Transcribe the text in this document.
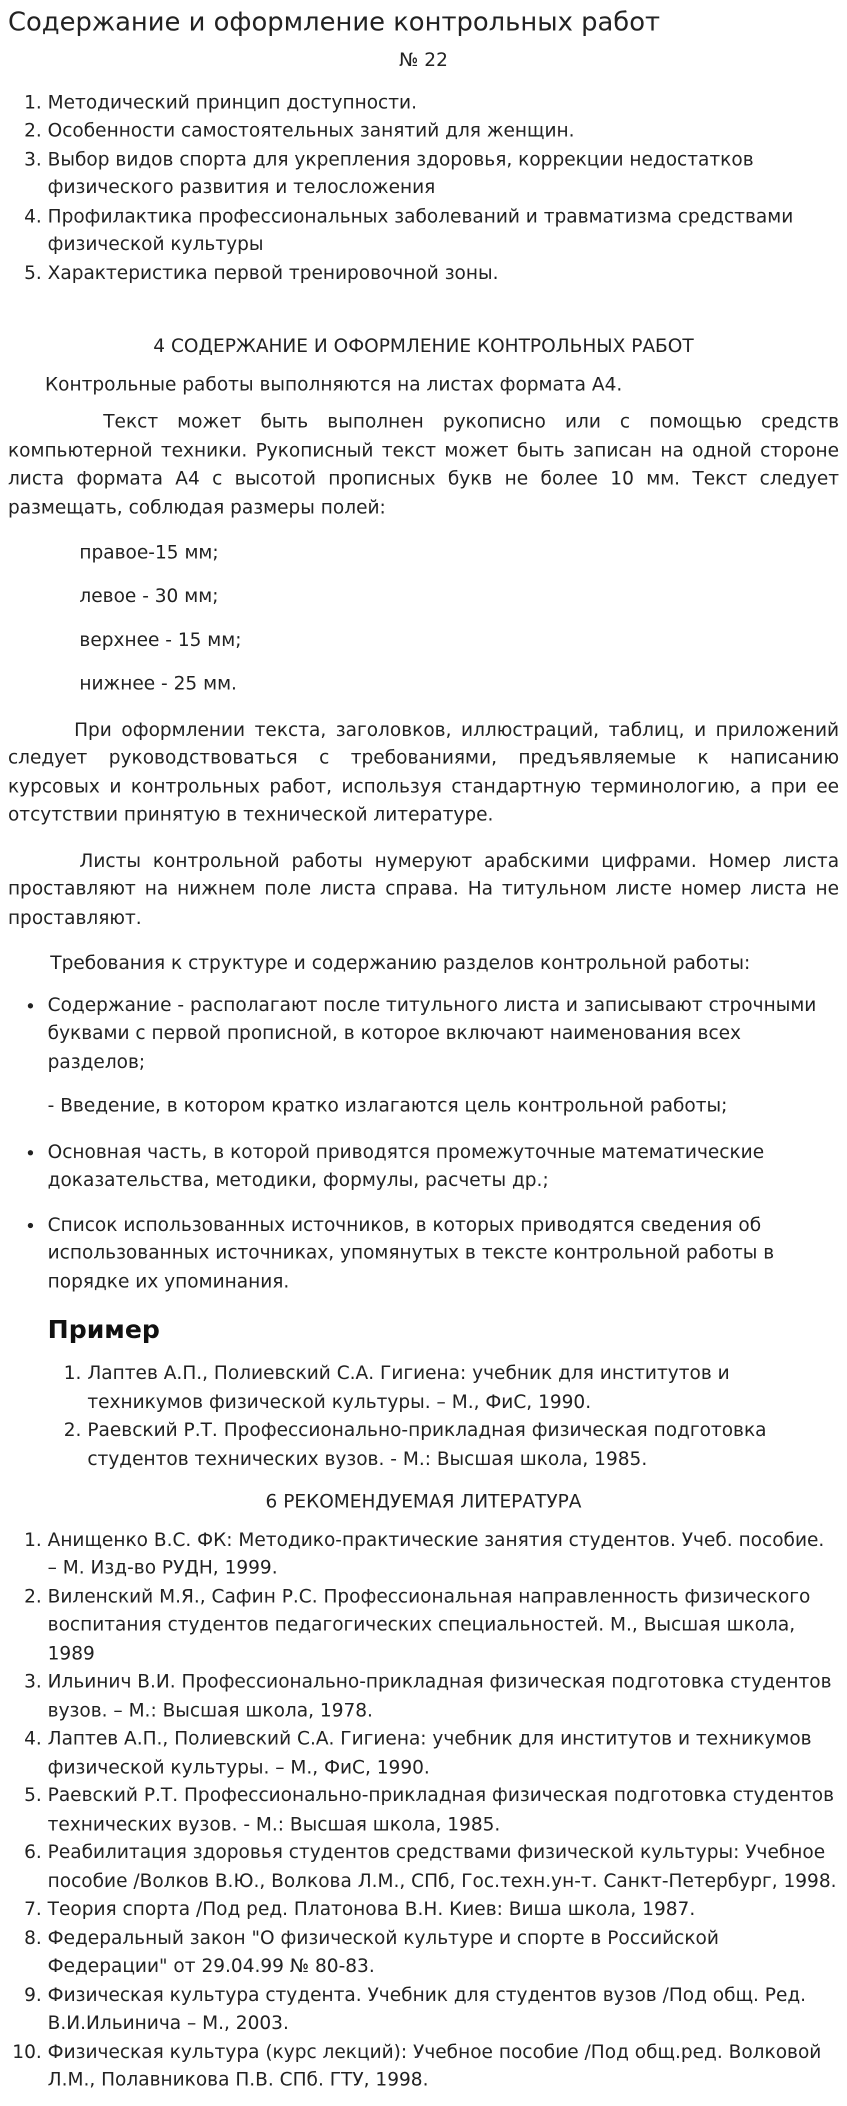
Содержание и оформление контрольных работ
№ 22
1. Методический принцип доступности.
2. Особенности самостоятельных занятий для женщин.
3. Выбор видов спорта для укрепления здоровья, коррекции недостатков физического развития и телосложения
4. Профилактика профессиональных заболеваний и травматизма средствами физической культуры
5. Характеристика первой тренировочной зоны.
4 СОДЕРЖАНИЕ И ОФОРМЛЕНИЕ КОНТРОЛЬНЫХ РАБОТ

Контрольные работы выполняются на листах формата А4.

Текст может быть выполнен рукописно или с помощью средств компьютерной техники. Рукописный текст может быть записан на одной стороне листа формата А4 с высотой прописных букв не более 10 мм. Текст следует размещать, соблюдая размеры полей:

правое-15 мм;
левое - 30 мм;
верхнее - 15 мм;
нижнее - 25 мм.

При оформлении текста, заголовков, иллюстраций, таблиц, и приложений следует руководствоваться с требованиями, предъявляемые к написанию курсовых и контрольных работ, используя стандартную терминологию, а при ее отсутствии принятую в технической литературе.

Листы контрольной работы нумеруют арабскими цифрами. Номер листа проставляют на нижнем поле листа справа. На титульном листе номер листа не проставляют.

Требования к структуре и содержанию разделов контрольной работы:

• Содержание - располагают после титульного листа и записывают строчными буквами с первой прописной, в которое включают наименования всех разделов;
- Введение, в котором кратко излагаются цель контрольной работы;
• Основная часть, в которой приводятся промежуточные математические доказательства, методики, формулы, расчеты др.;
• Список использованных источников, в которых приводятся сведения об использованных источниках, упомянутых в тексте контрольной работы в порядке их упоминания.
Пример
1. Лаптев А.П., Полиевский С.А. Гигиена: учебник для институтов и техникумов физической культуры. – М., ФиС, 1990.
2. Раевский Р.Т. Профессионально-прикладная физическая подготовка студентов технических вузов. - М.: Высшая школа, 1985.
6 РЕКОМЕНДУЕМАЯ ЛИТЕРАТУРА
1. Анищенко В.С. ФК: Методико-практические занятия студентов. Учеб. пособие. – М. Изд-во РУДН, 1999.
2. Виленский М.Я., Сафин Р.С. Профессиональная направленность физического воспитания студентов педагогических специальностей. М., Высшая школа, 1989
3. Ильинич В.И. Профессионально-прикладная физическая подготовка студентов вузов. – М.: Высшая школа, 1978.
4. Лаптев А.П., Полиевский С.А. Гигиена: учебник для институтов и техникумов физической культуры. – М., ФиС, 1990.
5. Раевский Р.Т. Профессионально-прикладная физическая подготовка студентов технических вузов. - М.: Высшая школа, 1985.
6. Реабилитация здоровья студентов средствами физической культуры: Учебное пособие /Волков В.Ю., Волкова Л.М., СПб, Гос.техн.ун-т. Санкт-Петербург, 1998.
7. Теория спорта /Под ред. Платонова В.Н. Киев: Виша школа, 1987.
8. Федеральный закон "О физической культуре и спорте в Российской Федерации" от 29.04.99 № 80-83.
9. Физическая культура студента. Учебник для студентов вузов /Под общ. Ред. В.И.Ильинича – М., 2003.
10. Физическая культура (курс лекций): Учебное пособие /Под общ.ред. Волковой Л.М., Полавникова П.В. СПб. ГТУ, 1998.
